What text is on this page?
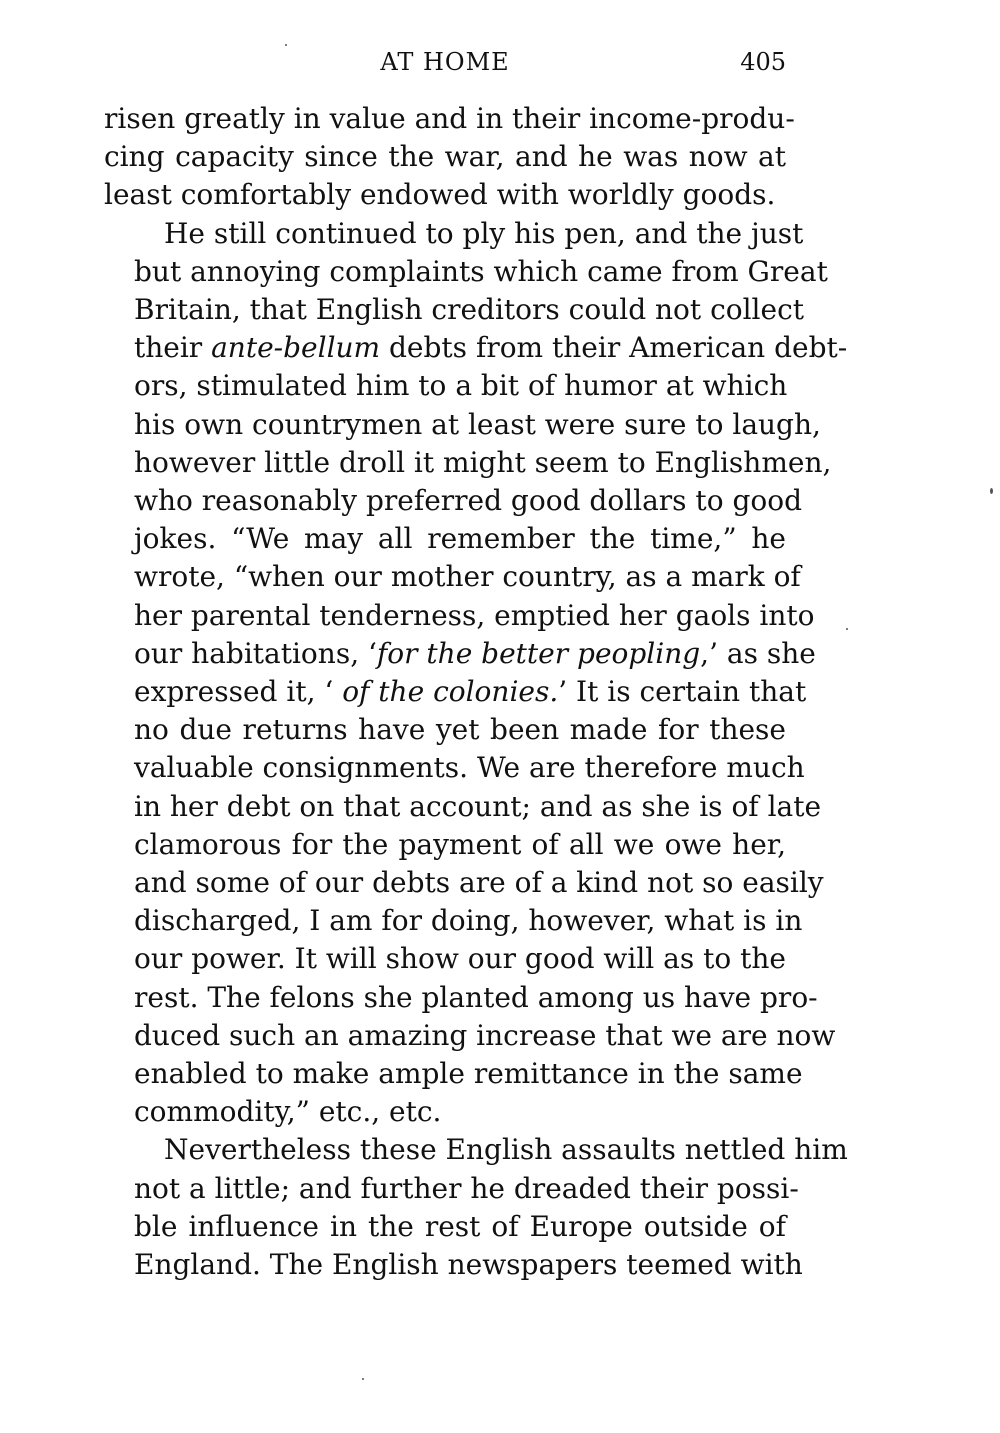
AT HOME	405

risen greatly in value and in their income-produ-
cing capacity since the war, and he was now at
least comfortably endowed with worldly goods.

He still continued to ply his pen, and the just
but annoying complaints which came from Great
Britain, that English creditors could not collect
their ante-bellum debts from their American debt-
ors, stimulated him to a bit of humor at which
his own countrymen at least were sure to laugh,
however little droll it might seem to Englishmen,
who reasonably preferred good dollars to good
jokes. “We may all remember the time,” he
wrote, “when our mother country, as a mark of
her parental tenderness, emptied her gaols into
our habitations, ‘for the better peopling,’ as she
expressed it, ‘ of the colonies.’ It is certain that
no due returns have yet been made for these
valuable consignments. We are therefore much
in her debt on that account; and as she is of late
clamorous for the payment of all we owe her,
and some of our debts are of a kind not so easily
discharged, I am for doing, however, what is in
our power. It will show our good will as to the
rest. The felons she planted among us have pro-
duced such an amazing increase that we are now
enabled to make ample remittance in the same
commodity,” etc., etc.

Nevertheless these English assaults nettled him
not a little; and further he dreaded their possi-
ble influence in the rest of Europe outside of
England. The English newspapers teemed with
